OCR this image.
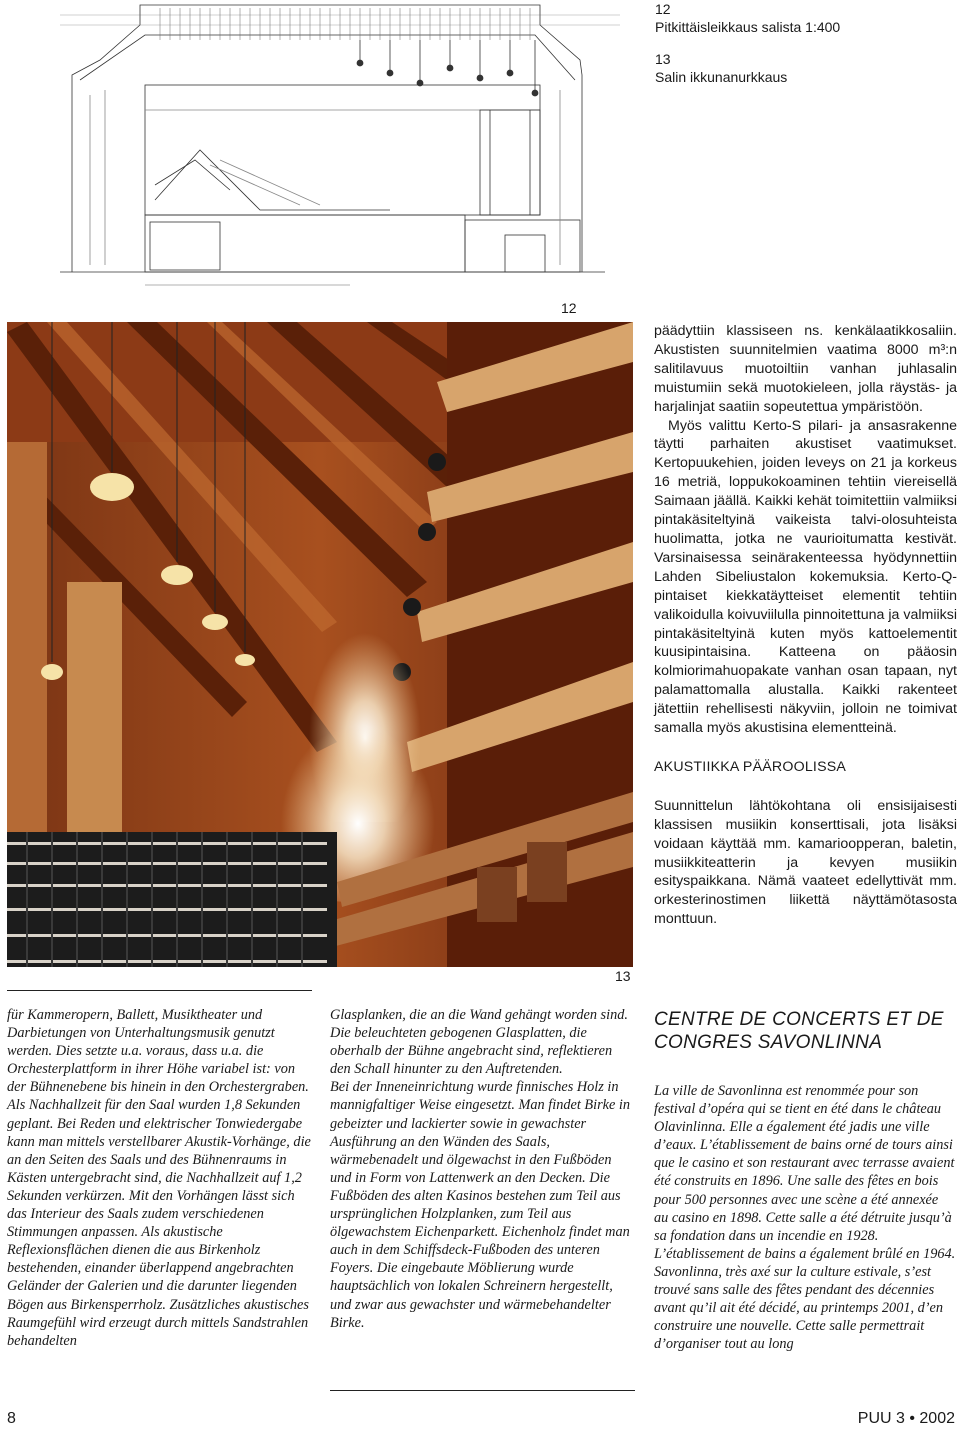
12

Pitkittäisleikkaus salista 1:400

13

Salin ikkunanurkkaus

12
13

päädyttiin klassiseen ns. kenkälaatikkosaliin. Akustisten suunnitelmien vaatima 8000 m³:n salitilavuus muotoiltiin vanhan juhlasalin muistumiin sekä muotokieleen, jolla räystäs- ja harjalinjat saatiin sopeutettua ympäristöön.

Myös valittu Kerto-S pilari- ja ansasrakenne täytti parhaiten akustiset vaatimukset. Kertopuukehien, joiden leveys on 21 ja korkeus 16 metriä, loppukokoaminen tehtiin viereisellä Saimaan jäällä. Kaikki kehät toimitettiin valmiiksi pintakäsiteltyinä vaikeista talvi-olosuhteista huolimatta, jotka ne vaurioitumatta kestivät. Varsinaisessa seinärakenteessa hyödynnettiin Lahden Sibeliustalon kokemuksia. Kerto-Q-pintaiset kiekkatäytteiset elementit tehtiin valikoidulla koivuviilulla pinnoitettuna ja valmiiksi pintakäsiteltyinä kuten myös kattoelementit kuusipintaisina. Katteena on pääosin kolmiorimahuopakate vanhan osan tapaan, nyt palamattomalla alustalla. Kaikki rakenteet jätettiin rehellisesti näkyviin, jolloin ne toimivat samalla myös akustisina elementteinä.

AKUSTIIKKA PÄÄROOLISSA

Suunnittelun lähtökohtana oli ensisijaisesti klassisen musiikin konserttisali, jota lisäksi voidaan käyttää mm. kamarioopperan, baletin, musiikkiteatterin ja kevyen musiikin esityspaikkana. Nämä vaateet edellyttivät mm. orkesterinostimen liikettä näyttämötasosta monttuun.

für Kammeropern, Ballett, Musiktheater und Darbietungen von Unterhaltungsmusik genutzt werden. Dies setzte u.a. voraus, dass u.a. die Orchesterplattform in ihrer Höhe variabel ist: von der Bühnenebene bis hinein in den Orchestergraben.

Als Nachhallzeit für den Saal wurden 1,8 Sekunden geplant. Bei Reden und elektrischer Tonwiedergabe kann man mittels verstellbarer Akustik-Vorhänge, die an den Seiten des Saals und des Bühnenraums in Kästen untergebracht sind, die Nachhallzeit auf 1,2 Sekunden verkürzen. Mit den Vorhängen lässt sich das Interieur des Saals zudem verschiedenen Stimmungen anpassen. Als akustische Reflexionsflächen dienen die aus Birkenholz bestehenden, einander überlappend angebrachten Geländer der Galerien und die darunter liegenden Bögen aus Birkensperrholz. Zusätzliches akustisches Raumgefühl wird erzeugt durch mittels Sandstrahlen behandelten

Glasplanken, die an die Wand gehängt worden sind. Die beleuchteten gebogenen Glasplatten, die oberhalb der Bühne angebracht sind, reflektieren den Schall hinunter zu den Auftretenden.

Bei der Inneneinrichtung wurde finnisches Holz in mannigfaltiger Weise eingesetzt. Man findet Birke in gebeizter und lackierter sowie in gewachster Ausführung an den Wänden des Saals, wärmebenadelt und ölgewachst in den Fußböden und in Form von Lattenwerk an den Decken. Die Fußböden des alten Kasinos bestehen zum Teil aus ursprünglichen Holzplanken, zum Teil aus ölgewachstem Eichenparkett. Eichenholz findet man auch in dem Schiffsdeck-Fußboden des unteren Foyers. Die eingebaute Möblierung wurde hauptsächlich von lokalen Schreinern hergestellt, und zwar aus gewachster und wärmebehandelter Birke.

CENTRE DE CONCERTS ET DE CONGRES SAVONLINNA

La ville de Savonlinna est renommée pour son festival d’opéra qui se tient en été dans le château Olavinlinna. Elle a également été jadis une ville d’eaux. L’établissement de bains orné de tours ainsi que le casino et son restaurant avec terrasse avaient été construits en 1896. Une salle des fêtes en bois pour 500 personnes avec une scène a été annexée au casino en 1898. Cette salle a été détruite jusqu’à sa fondation dans un incendie en 1928. L’établissement de bains a également brûlé en 1964.

Savonlinna, très axé sur la culture estivale, s’est trouvé sans salle des fêtes pendant des décennies avant qu’il ait été décidé, au printemps 2001, d’en construire une nouvelle. Cette salle permettrait d’organiser tout au long

8	PUU 3 • 2002
